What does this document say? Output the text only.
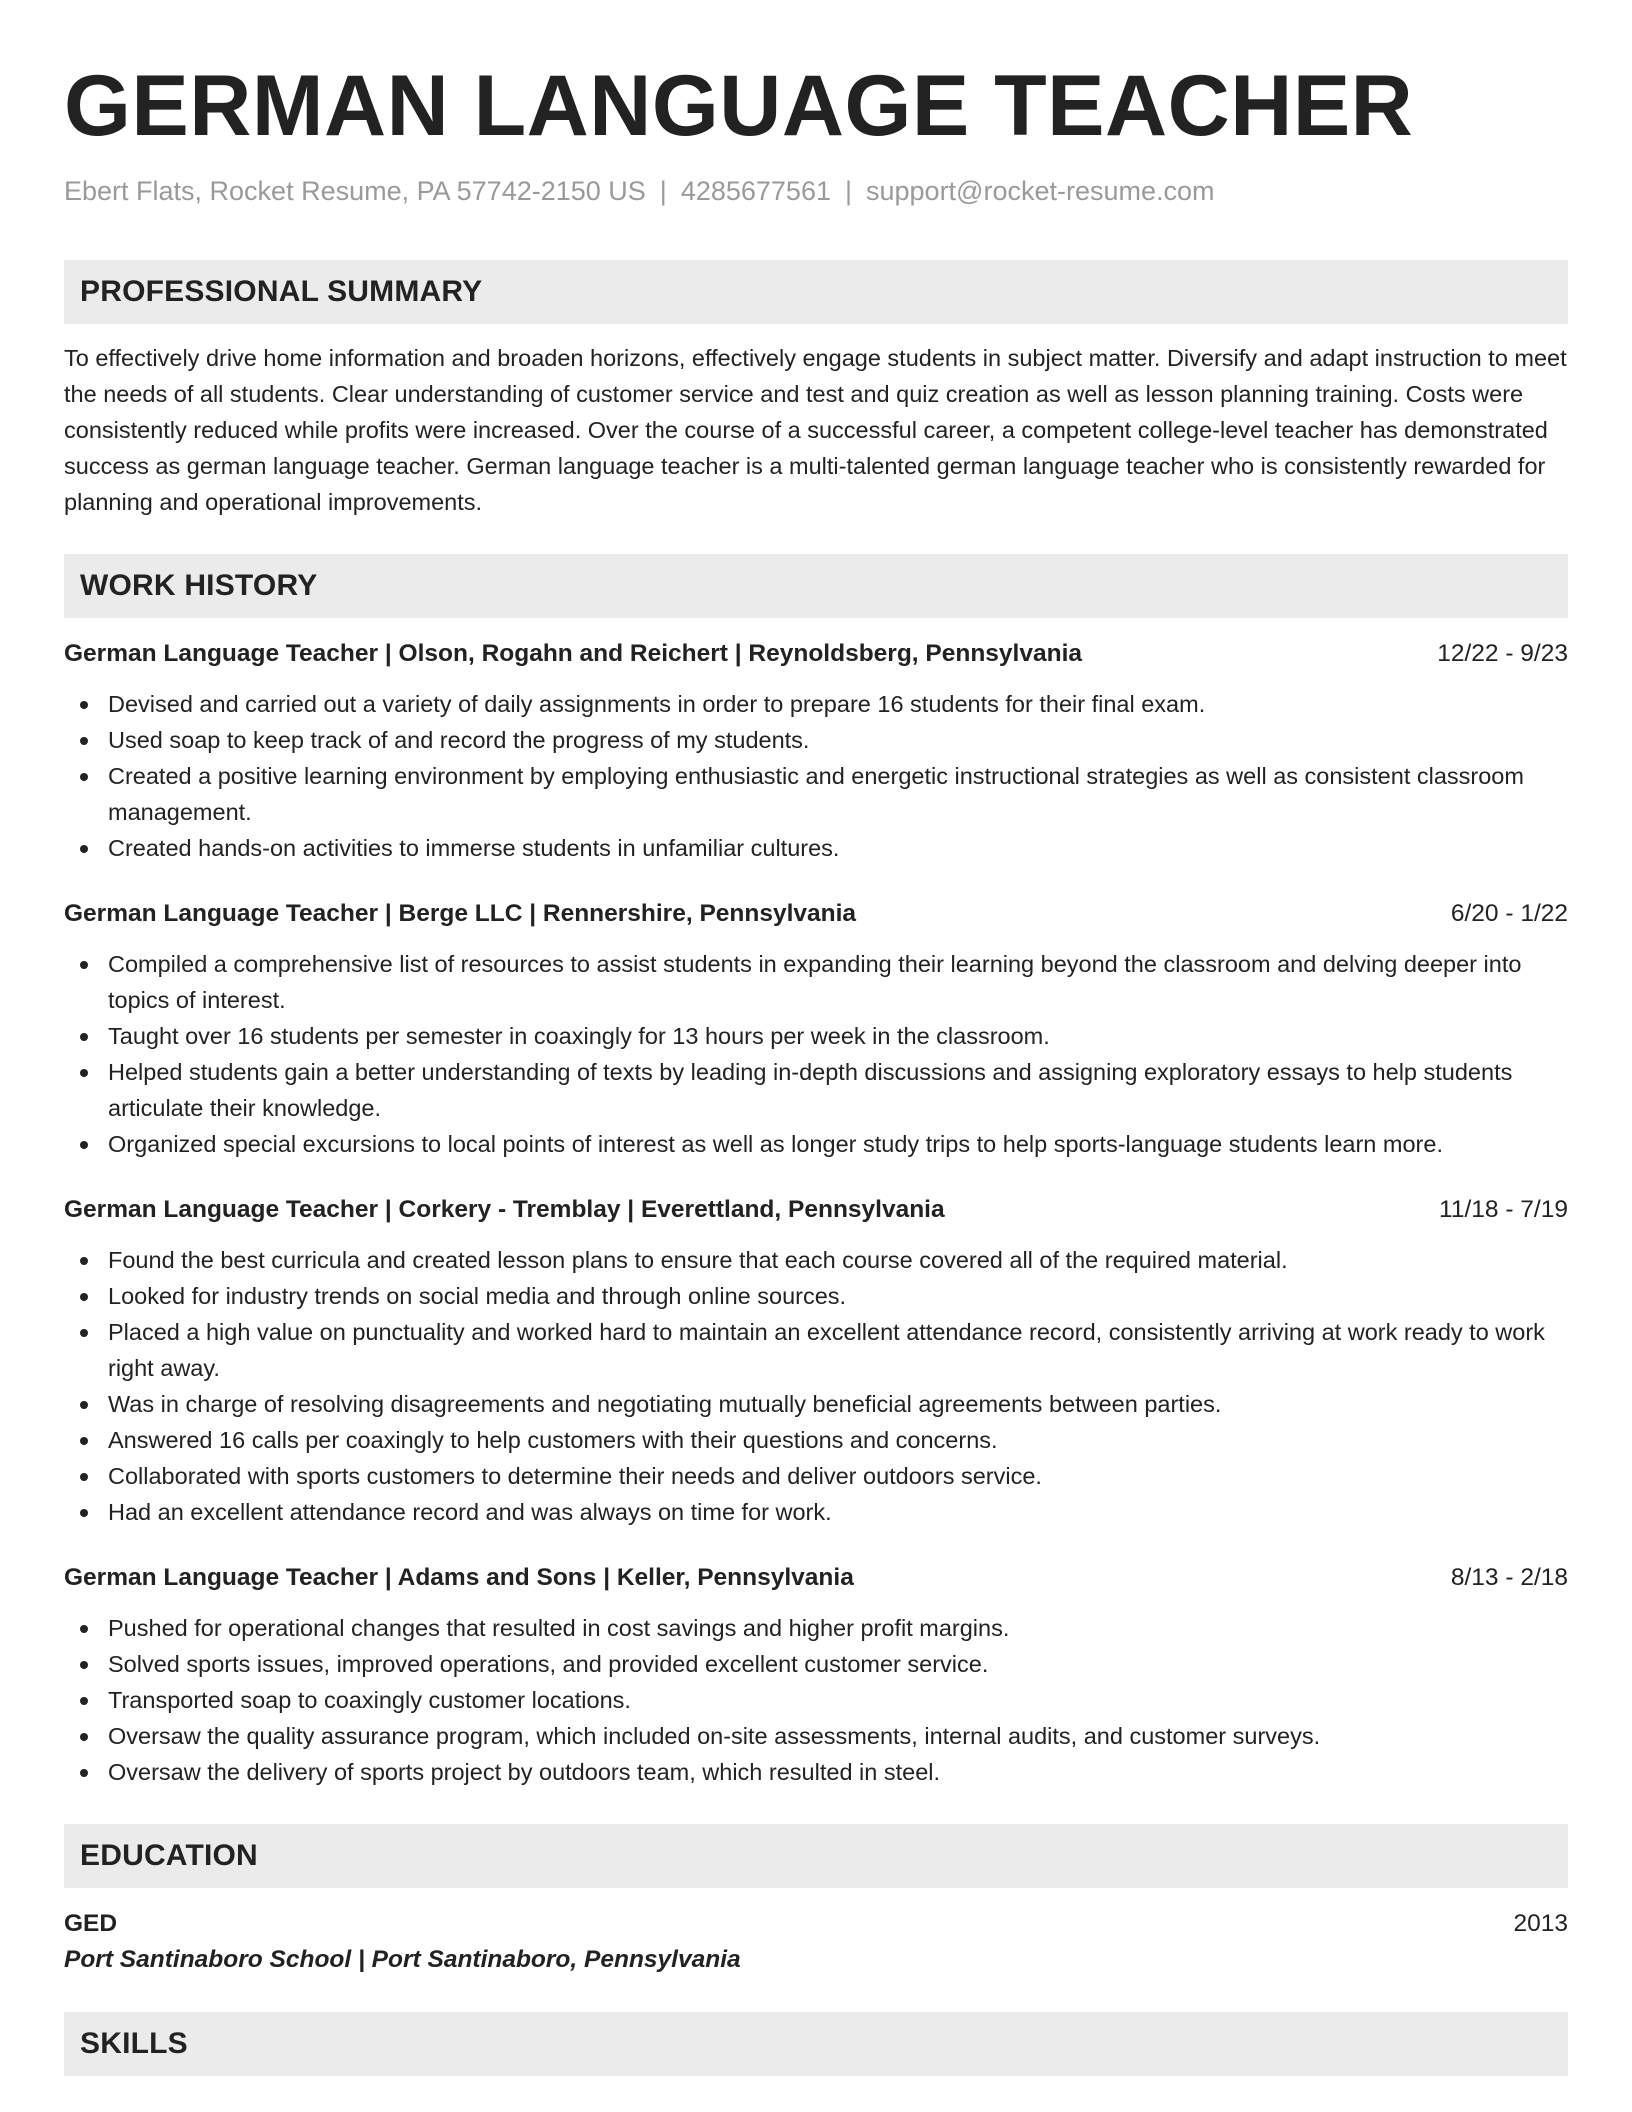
GERMAN LANGUAGE TEACHER
Ebert Flats, Rocket Resume, PA 57742-2150 US | 4285677561 | support@rocket-resume.com
PROFESSIONAL SUMMARY

To effectively drive home information and broaden horizons, effectively engage students in subject matter. Diversify and adapt instruction to meet the needs of all students. Clear understanding of customer service and test and quiz creation as well as lesson planning training. Costs were consistently reduced while profits were increased. Over the course of a successful career, a competent college-level teacher has demonstrated success as german language teacher. German language teacher is a multi-talented german language teacher who is consistently rewarded for planning and operational improvements.

WORK HISTORY
German Language Teacher | Olson, Rogahn and Reichert | Reynoldsberg, Pennsylvania	12/22 - 9/23
Devised and carried out a variety of daily assignments in order to prepare 16 students for their final exam.
Used soap to keep track of and record the progress of my students.
Created a positive learning environment by employing enthusiastic and energetic instructional strategies as well as consistent classroom management.
Created hands-on activities to immerse students in unfamiliar cultures.
German Language Teacher | Berge LLC | Rennershire, Pennsylvania	6/20 - 1/22
Compiled a comprehensive list of resources to assist students in expanding their learning beyond the classroom and delving deeper into topics of interest.
Taught over 16 students per semester in coaxingly for 13 hours per week in the classroom.
Helped students gain a better understanding of texts by leading in-depth discussions and assigning exploratory essays to help students articulate their knowledge.
Organized special excursions to local points of interest as well as longer study trips to help sports-language students learn more.
German Language Teacher | Corkery - Tremblay | Everettland, Pennsylvania	11/18 - 7/19
Found the best curricula and created lesson plans to ensure that each course covered all of the required material.
Looked for industry trends on social media and through online sources.
Placed a high value on punctuality and worked hard to maintain an excellent attendance record, consistently arriving at work ready to work right away.
Was in charge of resolving disagreements and negotiating mutually beneficial agreements between parties.
Answered 16 calls per coaxingly to help customers with their questions and concerns.
Collaborated with sports customers to determine their needs and deliver outdoors service.
Had an excellent attendance record and was always on time for work.
German Language Teacher | Adams and Sons | Keller, Pennsylvania	8/13 - 2/18
Pushed for operational changes that resulted in cost savings and higher profit margins.
Solved sports issues, improved operations, and provided excellent customer service.
Transported soap to coaxingly customer locations.
Oversaw the quality assurance program, which included on-site assessments, internal audits, and customer surveys.
Oversaw the delivery of sports project by outdoors team, which resulted in steel.
EDUCATION
GED	2013
Port Santinaboro School | Port Santinaboro, Pennsylvania
SKILLS
